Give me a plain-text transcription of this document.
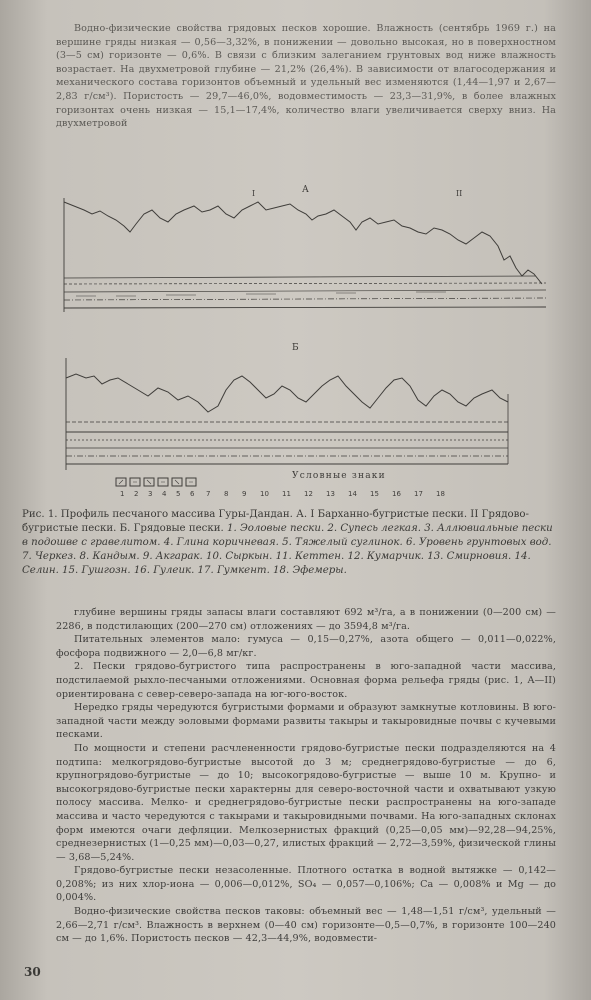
Водно-физические свойства грядовых песков хорошие. Влажность (сентябрь 1969 г.) на вершине гряды низкая — 0,56—3,32%, в понижении — довольно высокая, но в поверхностном (3—5 см) горизонте — 0,6%. В связи с близким залеганием грунтовых вод ниже влажность возрастает. На двухметровой глубине — 21,2% (26,4%). В зависимости от влагосодержания и механического состава горизонтов объемный и удельный вес изменяются (1,44—1,97 и 2,67—2,83 г/см³). Пористость — 29,7—46,0%, водовместимость — 23,3—31,9%, в более влажных горизонтах очень низкая — 15,1—17,4%, количество влаги увеличивается сверху вниз. На двухметровой

А
I	II
Б
Условные знаки
1 2 3 4 5 6 7 8 9 10 11 12 13 14 15 16 17 18

Рис. 1. Профиль песчаного массива Гуры-Дандан. А. I Барханно-бугристые пески. II Грядово-бугристые пески. Б. Грядовые пески. 1. Эоловые пески. 2. Супесь легкая. 3. Аллювиальные пески в подошве с гравелитом. 4. Глина коричневая. 5. Тяжелый суглинок. 6. Уровень грунтовых вод. 7. Черкез. 8. Кандым. 9. Акгарак. 10. Сыркын. 11. Кеттен. 12. Кумарчик. 13. Смирновия. 14. Селин. 15. Гушгозн. 16. Гулеик. 17. Гумкент. 18. Эфемеры.

глубине вершины гряды запасы влаги составляют 692 м³/га, а в понижении (0—200 см) — 2286, в подстилающих (200—270 см) отложениях — до 3594,8 м³/га.

Питательных элементов мало: гумуса — 0,15—0,27%, азота общего — 0,011—0,022%, фосфора подвижного — 2,0—6,8 мг/кг.

2. Пески грядово-бугристого типа распространены в юго-западной части массива, подстилаемой рыхло-песчаными отложениями. Основная форма рельефа гряды (рис. 1, А—II) ориентирована с север-северо-запада на юг-юго-восток.

Нередко гряды чередуются бугристыми формами и образуют замкнутые котловины. В юго-западной части между эоловыми формами развиты такыры и такыровидные почвы с кучевыми песками.

По мощности и степени расчлененности грядово-бугристые пески подразделяются на 4 подтипа: мелкогрядово-бугристые высотой до 3 м; среднегрядово-бугристые — до 6, крупногрядово-бугристые — до 10; высокогрядово-бугристые — выше 10 м. Крупно- и высокогрядово-бугристые пески характерны для северо-восточной части и охватывают узкую полосу массива. Мелко- и среднегрядово-бугристые пески распространены на юго-западе массива и часто чередуются с такырами и такыровидными почвами. На юго-западных склонах форм имеются очаги дефляции. Мелкозернистых фракций (0,25—0,05 мм)—92,28—94,25%, среднезернистых (1—0,25 мм)—0,03—0,27, илистых фракций — 2,72—3,59%, физической глины — 3,68—5,24%.

Грядово-бугристые пески незасоленные. Плотного остатка в водной вытяжке — 0,142—0,208%; из них хлор-иона — 0,006—0,012%, SO₄ — 0,057—0,106%; Са — 0,008% и Mg — до 0,004%.

Водно-физические свойства песков таковы: объемный вес — 1,48—1,51 г/см³, удельный — 2,66—2,71 г/см³. Влажность в верхнем (0—40 см) горизонте—0,5—0,7%, в горизонте 100—240 см — до 1,6%. Пористость песков — 42,3—44,9%, водовмести-

30
